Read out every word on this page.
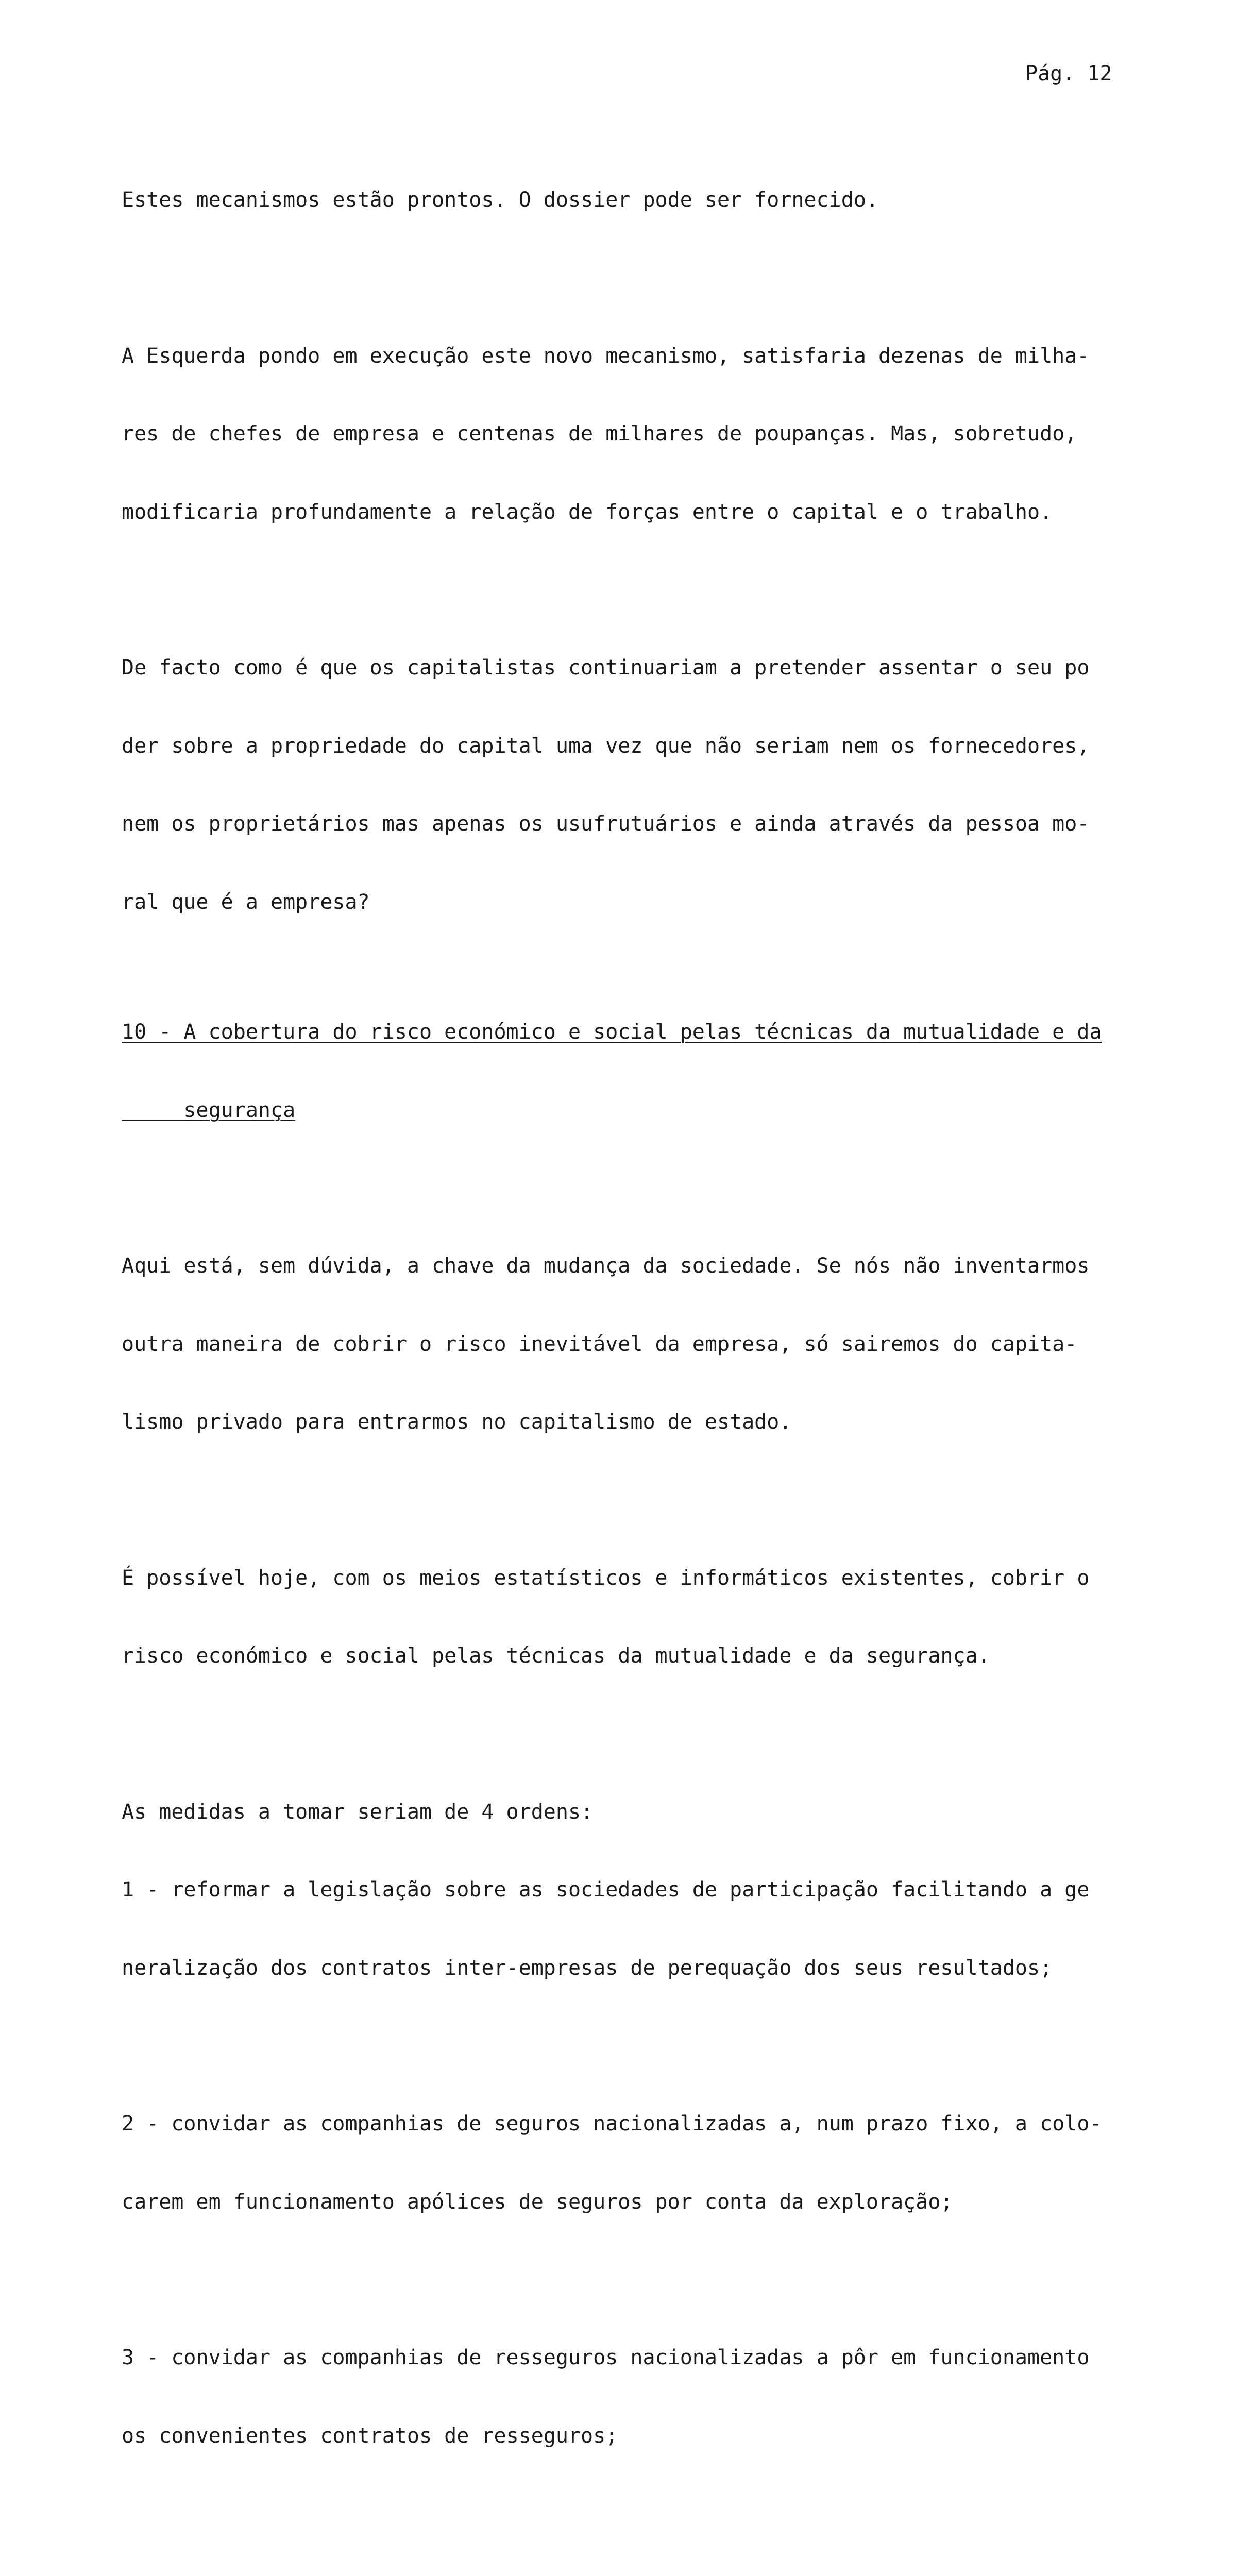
Pág. 12

Estes mecanismos estão prontos. O dossier pode ser fornecido.

A Esquerda pondo em execução este novo mecanismo, satisfaria dezenas de milha-

res de chefes de empresa e centenas de milhares de poupanças. Mas, sobretudo,

modificaria profundamente a relação de forças entre o capital e o trabalho.

De facto como é que os capitalistas continuariam a pretender assentar o seu po

der sobre a propriedade do capital uma vez que não seriam nem os fornecedores,

nem os proprietários mas apenas os usufrutuários e ainda através da pessoa mo-

ral que é a empresa?

10 - A cobertura do risco económico e social pelas técnicas da mutualidade e da

segurança

Aqui está, sem dúvida, a chave da mudança da sociedade. Se nós não inventarmos

outra maneira de cobrir o risco inevitável da empresa, só sairemos do capita-

lismo privado para entrarmos no capitalismo de estado.

É possível hoje, com os meios estatísticos e informáticos existentes, cobrir o

risco económico e social pelas técnicas da mutualidade e da segurança.

As medidas a tomar seriam de 4 ordens:

1 - reformar a legislação sobre as sociedades de participação facilitando a ge

neralização dos contratos inter-empresas de perequação dos seus resultados;

2 - convidar as companhias de seguros nacionalizadas a, num prazo fixo, a colo-

carem em funcionamento apólices de seguros por conta da exploração;

3 - convidar as companhias de resseguros nacionalizadas a pôr em funcionamento

os convenientes contratos de resseguros;
